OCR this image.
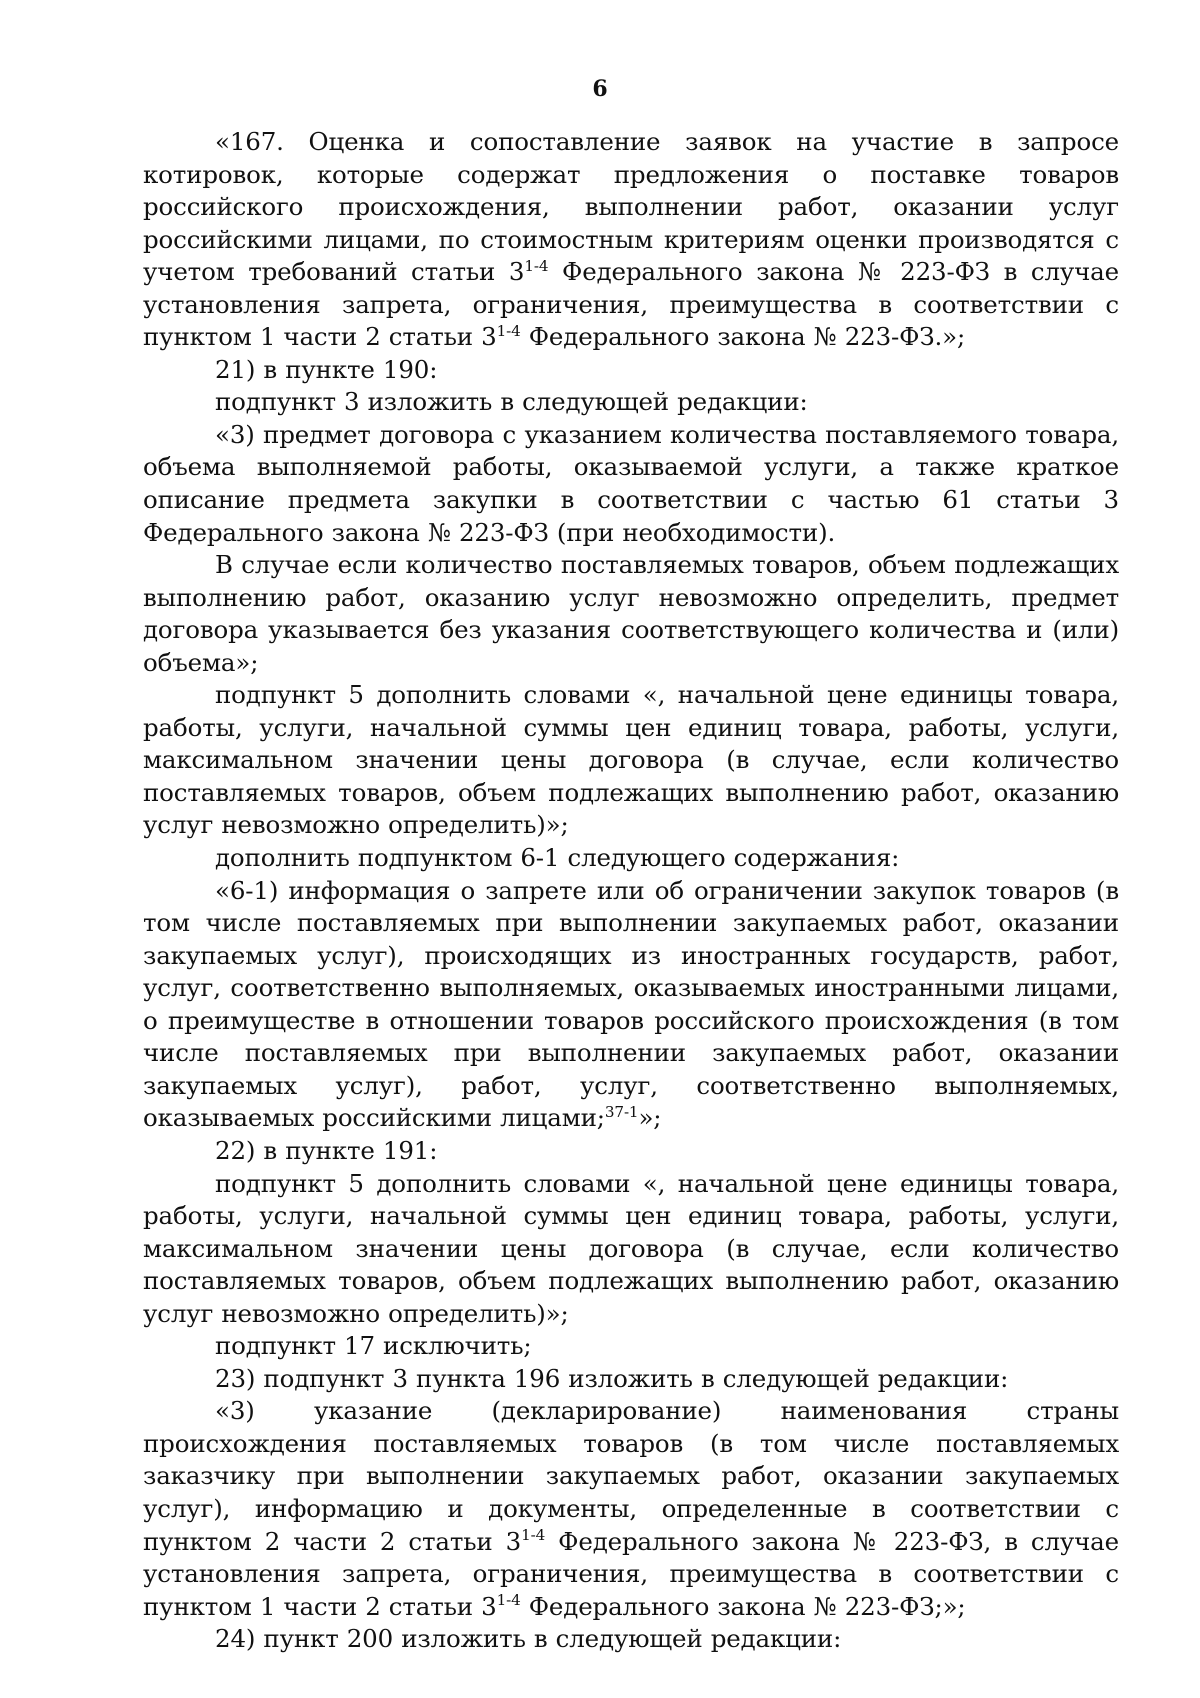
6

«167. Оценка и сопоставление заявок на участие в запросе котировок, которые содержат предложения о поставке товаров российского происхождения, выполнении работ, оказании услуг российскими лицами, по стоимостным критериям оценки производятся с учетом требований статьи 3$^{1-4}$ Федерального закона № 223-ФЗ в случае установления запрета, ограничения, преимущества в соответствии с пунктом 1 части 2 статьи 3$^{1-4}$ Федерального закона № 223-ФЗ.»;

21) в пункте 190:

подпункт 3 изложить в следующей редакции:

«3) предмет договора с указанием количества поставляемого товара, объема выполняемой работы, оказываемой услуги, а также краткое описание предмета закупки в соответствии с частью 61 статьи 3 Федерального закона № 223-ФЗ (при необходимости).

В случае если количество поставляемых товаров, объем подлежащих выполнению работ, оказанию услуг невозможно определить, предмет договора указывается без указания соответствующего количества и (или) объема»;

подпункт 5 дополнить словами «, начальной цене единицы товара, работы, услуги, начальной суммы цен единиц товара, работы, услуги, максимальном значении цены договора (в случае, если количество поставляемых товаров, объем подлежащих выполнению работ, оказанию услуг невозможно определить)»;

дополнить подпунктом 6-1 следующего содержания:

«6-1) информация о запрете или об ограничении закупок товаров (в том числе поставляемых при выполнении закупаемых работ, оказании закупаемых услуг), происходящих из иностранных государств, работ, услуг, соответственно выполняемых, оказываемых иностранными лицами, о преимуществе в отношении товаров российского происхождения (в том числе поставляемых при выполнении закупаемых работ, оказании закупаемых услуг), работ, услуг, соответственно выполняемых, оказываемых российскими лицами;$^{37-1}$»;

22) в пункте 191:

подпункт 5 дополнить словами «, начальной цене единицы товара, работы, услуги, начальной суммы цен единиц товара, работы, услуги, максимальном значении цены договора (в случае, если количество поставляемых товаров, объем подлежащих выполнению работ, оказанию услуг невозможно определить)»;

подпункт 17 исключить;

23) подпункт 3 пункта 196 изложить в следующей редакции:

«3) указание (декларирование) наименования страны происхождения поставляемых товаров (в том числе поставляемых заказчику при выполнении закупаемых работ, оказании закупаемых услуг), информацию и документы, определенные в соответствии с пунктом 2 части 2 статьи 3$^{1-4}$ Федерального закона № 223-ФЗ, в случае установления запрета, ограничения, преимущества в соответствии с пунктом 1 части 2 статьи 3$^{1-4}$ Федерального закона № 223-ФЗ;»;

24) пункт 200 изложить в следующей редакции:
